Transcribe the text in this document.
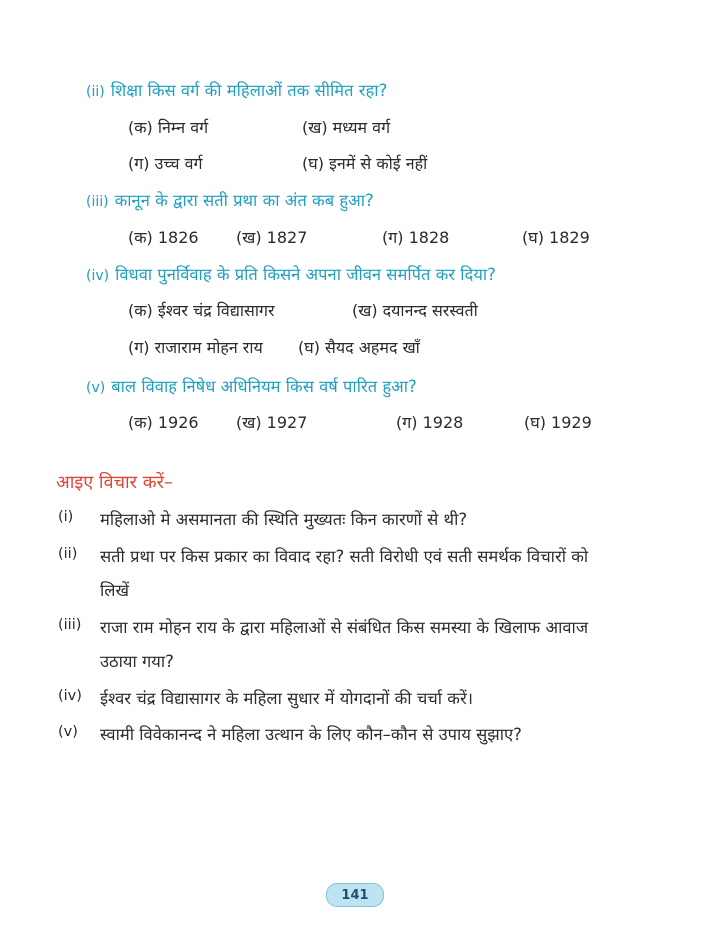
(ii) शिक्षा किस वर्ग की महिलाओं तक सीमित रहा?
(क) निम्न वर्ग	(ख) मध्यम वर्ग
(ग) उच्च वर्ग	(घ) इनमें से कोई नहीं
(iii) कानून के द्वारा सती प्रथा का अंत कब हुआ?
(क) 1826 (ख) 1827	(ग) 1828	(घ) 1829
(iv) विधवा पुनर्विवाह के प्रति किसने अपना जीवन समर्पित कर दिया?
(क) ईश्वर चंद्र विद्यासागर	(ख) दयानन्द सरस्वती
(ग) राजाराम मोहन राय (घ) सैयद अहमद खाँ
(v) बाल विवाह निषेध अधिनियम किस वर्ष पारित हुआ?
(क) 1926 (ख) 1927	(ग) 1928	(घ) 1929
आइए विचार करें–
(i) महिलाओ मे असमानता की स्थिति मुख्यतः किन कारणों से थी?
(ii) सती प्रथा पर किस प्रकार का विवाद रहा? सती विरोधी एवं सती समर्थक विचारों को
लिखें
(iii) राजा राम मोहन राय के द्वारा महिलाओं से संबंधित किस समस्या के खिलाफ आवाज
उठाया गया?
(iv) ईश्वर चंद्र विद्यासागर के महिला सुधार में योगदानों की चर्चा करें।
(v) स्वामी विवेकानन्द ने महिला उत्थान के लिए कौन–कौन से उपाय सुझाए?
141
